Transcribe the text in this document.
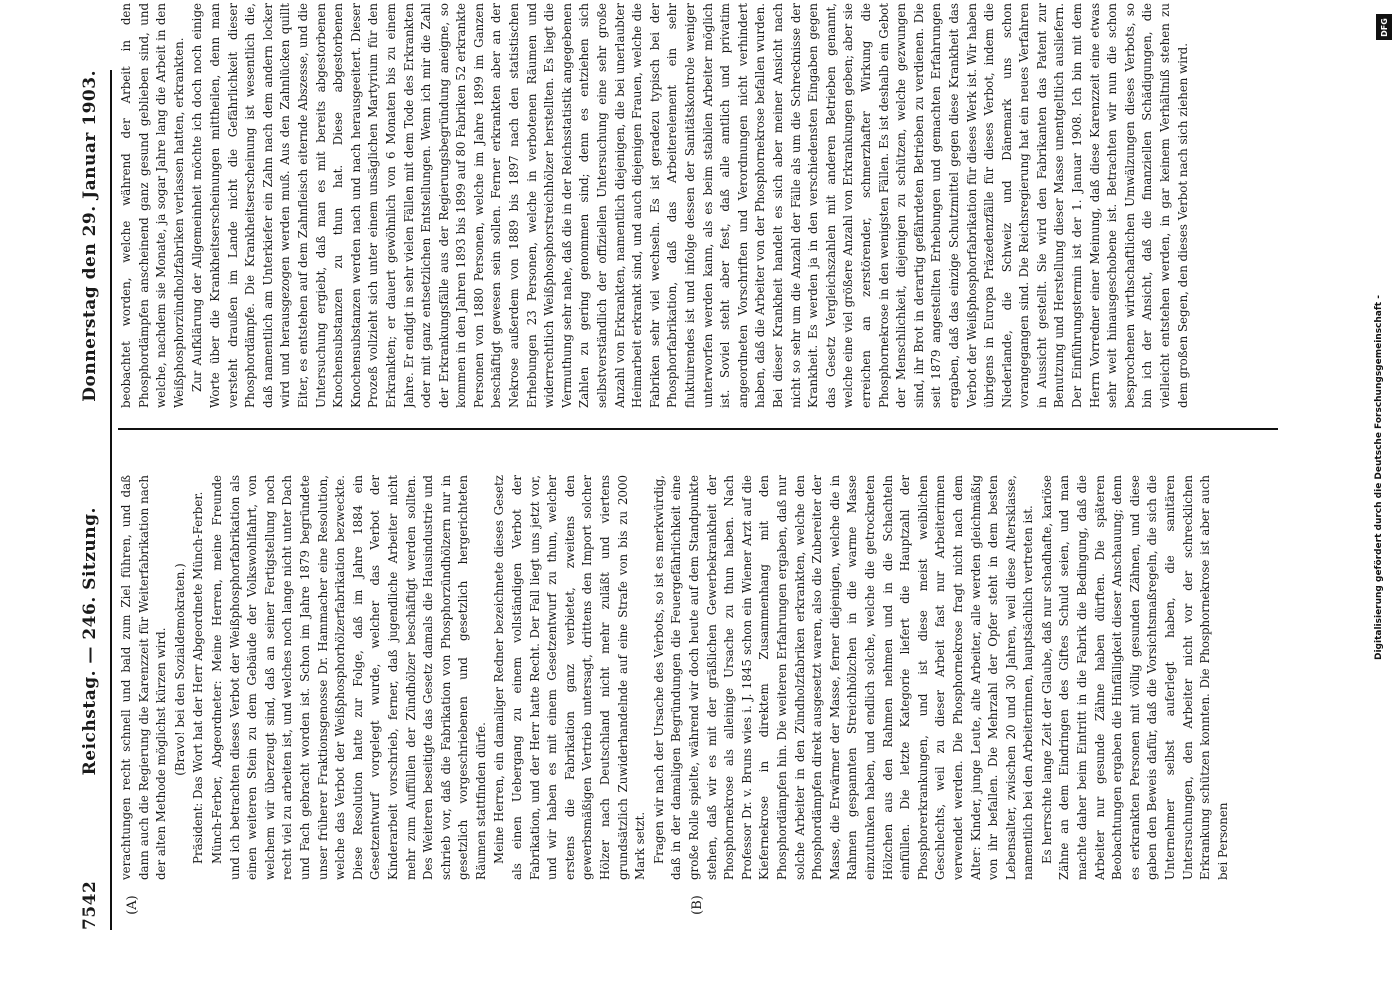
7542
Reichstag. — 246. Sitzung.
Donnerstag den 29. Januar 1903.
(A)	(B)

verachtungen recht schnell und bald zum Ziel führen, und daß dann auch die Regierung die Karenzzeit für Weiterfabrikation nach der alten Methode möglichst kürzen wird. (Bravo! bei den Sozialdemokraten.) Präsident: Das Wort hat der Herr Abgeordnete Münch-Ferber. Münch-Ferber, Abgeordneter: Meine Herren, meine Freunde und ich betrachten dieses Verbot der Weißphosphorfabrikation als einen weiteren Stein zu dem Gebäude der Volkswohlfahrt, von welchem wir überzeugt sind, daß an seiner Fertigstellung noch recht viel zu arbeiten ist, und welches noch lange nicht unter Dach und Fach gebracht worden ist. Schon im Jahre 1879 begründete unser früherer Fraktionsgenosse Dr. Hammacher eine Resolution, welche das Verbot der Weißphosphorhölzerfabrikation bezweckte. Diese Resolution hatte zur Folge, daß im Jahre 1884 ein Gesetzentwurf vorgelegt wurde, welcher das Verbot der Kinderarbeit vorschrieb, ferner, daß jugendliche Arbeiter nicht mehr zum Auffüllen der Zündhölzer beschäftigt werden sollten. Des Weiteren beseitigte das Gesetz damals die Hausindustrie und schrieb vor, daß die Fabrikation von Phosphorzündhölzern nur in gesetzlich vorgeschriebenen und gesetzlich hergerichteten Räumen stattfinden dürfe. Meine Herren, ein damaliger Redner bezeichnete dieses Gesetz als einen Uebergang zu einem vollständigen Verbot der Fabrikation, und der Herr hatte Recht. Der Fall liegt uns jetzt vor, und wir haben es mit einem Gesetzentwurf zu thun, welcher erstens die Fabrikation ganz verbietet, zweitens den gewerbsmäßigen Vertrieb untersagt, drittens den Import solcher Hölzer nach Deutschland nicht mehr zuläßt und viertens grundsätzlich Zuwiderhandelnde auf eine Strafe von bis zu 2000 Mark setzt. Fragen wir nach der Ursache des Verbots, so ist es merkwürdig, daß in der damaligen Begründungen die Feuergefährlichkeit eine große Rolle spielte, während wir doch heute auf dem Standpunkte stehen, daß wir es mit der gräßlichen Gewerbekrankheit der Phosphornekrose als alleinige Ursache zu thun haben. Nach Professor Dr. v. Bruns wies i. J. 1845 schon ein Wiener Arzt auf die Kiefernekrose in direktem Zusammenhang mit den Phosphordämpfen hin. Die weiteren Erfahrungen ergaben, daß nur solche Arbeiter in den Zündholzfabriken erkrankten, welche den Phosphordämpfen direkt ausgesetzt waren, also die Zubereiter der Masse, die Erwärmer der Masse, ferner diejenigen, welche die in Rahmen gespannten Streichhölzchen in die warme Masse einzutunken haben, und endlich solche, welche die getrockneten Hölzchen aus den Rahmen nehmen und in die Schachteln einfüllen. Die letzte Kategorie liefert die Hauptzahl der Phosphorerkrankungen, und ist diese meist weiblichen Geschlechts, weil zu dieser Arbeit fast nur Arbeiterinnen verwendet werden. Die Phosphornekrose fragt nicht nach dem Alter: Kinder, junge Leute, alte Arbeiter, alle werden gleichmäßig von ihr befallen. Die Mehrzahl der Opfer steht in dem besten Lebensalter, zwischen 20 und 30 Jahren, weil diese Altersklasse, namentlich bei den Arbeiterinnen, hauptsächlich vertreten ist. Es herrschte lange Zeit der Glaube, daß nur schadhafte, kariöse Zähne an dem Eindringen des Giftes Schuld seien, und man machte daher beim Eintritt in die Fabrik die Bedingung, daß die Arbeiter nur gesunde Zähne haben dürften. Die späteren Beobachtungen ergaben die Hinfälligkeit dieser Anschauung; denn es erkrankten Personen mit völlig gesunden Zähnen, und diese gaben den Beweis dafür, daß die Vorsichtsmaßregeln, die sich die Unternehmer selbst auferlegt haben, die sanitären Untersuchungen, den Arbeiter nicht vor der schrecklichen Erkrankung schützen konnten. Die Phosphornekrose ist aber auch bei Personen

beobachtet worden, welche während der Arbeit in den Phosphordämpfen anscheinend ganz gesund geblieben sind, und welche, nachdem sie Monate, ja sogar Jahre lang die Arbeit in den Weißphosphorzündholzfabriken verlassen hatten, erkrankten. Zur Aufklärung der Allgemeinheit möchte ich doch noch einige Worte über die Krankheitserscheinungen mittheilen, denn man versteht draußen im Lande nicht die Gefährlichkeit dieser Phosphordämpfe. Die Krankheitserscheinung ist wesentlich die, daß namentlich am Unterkiefer ein Zahn nach dem andern locker wird und herausgezogen werden muß. Aus den Zahnlücken quillt Eiter, es entstehen auf dem Zahnfleisch eiternde Abszesse, und die Untersuchung ergiebt, daß man es mit bereits abgestorbenen Knochensubstanzen zu thun hat. Diese abgestorbenen Knochensubstanzen werden nach und nach herausgeeitert. Dieser Prozeß vollzieht sich unter einem unsäglichen Martyrium für den Erkrankten; er dauert gewöhnlich von 6 Monaten bis zu einem Jahre. Er endigt in sehr vielen Fällen mit dem Tode des Erkrankten oder mit ganz entsetzlichen Entstellungen. Wenn ich mir die Zahl der Erkrankungsfälle aus der Regierungsbegründung aneigne, so kommen in den Jahren 1893 bis 1899 auf 80 Fabriken 52 erkrankte Personen von 1880 Personen, welche im Jahre 1899 im Ganzen beschäftigt gewesen sein sollen. Ferner erkrankten aber an der Nekrose außerdem von 1889 bis 1897 nach den statistischen Erhebungen 23 Personen, welche in verbotenen Räumen und widerrechtlich Weißphosphorstreichhölzer herstellten. Es liegt die Vermuthung sehr nahe, daß die in der Reichsstatistik angegebenen Zahlen zu gering genommen sind; denn es entziehen sich selbstverständlich der offiziellen Untersuchung eine sehr große Anzahl von Erkrankten, namentlich diejenigen, die bei unerlaubter Heimarbeit erkrankt sind, und auch diejenigen Frauen, welche die Fabriken sehr viel wechseln. Es ist geradezu typisch bei der Phosphorfabrikation, daß das Arbeiterelement ein sehr fluktuirendes ist und infolge dessen der Sanitätskontrole weniger unterworfen werden kann, als es beim stabilen Arbeiter möglich ist. Soviel steht aber fest, daß alle amtlich und privatim angeordneten Vorschriften und Verordnungen nicht verhindert haben, daß die Arbeiter von der Phosphornekrose befallen wurden. Bei dieser Krankheit handelt es sich aber meiner Ansicht nach nicht so sehr um die Anzahl der Fälle als um die Schrecknisse der Krankheit. Es werden ja in den verschiedensten Eingaben gegen das Gesetz Vergleichszahlen mit anderen Betrieben genannt, welche eine viel größere Anzahl von Erkrankungen geben; aber sie erreichen an zerstörender, schmerzhafter Wirkung die Phosphornekrose in den wenigsten Fällen. Es ist deshalb ein Gebot der Menschlichkeit, diejenigen zu schützen, welche gezwungen sind, ihr Brot in derartig gefährdeten Betrieben zu verdienen. Die seit 1879 angestellten Erhebungen und gemachten Erfahrungen ergaben, daß das einzige Schutzmittel gegen diese Krankheit das Verbot der Weißphosphorfabrikation für dieses Werk ist. Wir haben übrigens in Europa Präzedenzfälle für dieses Verbot, indem die Niederlande, die Schweiz und Dänemark uns schon vorangegangen sind. Die Reichsregierung hat ein neues Verfahren in Aussicht gestellt. Sie wird den Fabrikanten das Patent zur Benutzung und Herstellung dieser Masse unentgeltlich ausliefern. Der Einführungstermin ist der 1. Januar 1908. Ich bin mit dem Herrn Vorredner einer Meinung, daß diese Karenzzeit eine etwas sehr weit hinausgeschobene ist. Betrachten wir nun die schon besprochenen wirthschaftlichen Umwälzungen dieses Verbots, so bin ich der Ansicht, daß die finanziellen Schädigungen, die vielleicht entstehen werden, in gar keinem Verhältniß stehen zu dem großen Segen, den dieses Verbot nach sich ziehen wird.

Digitalisierung gefördert durch die Deutsche Forschungsgemeinschaft -
DFG
